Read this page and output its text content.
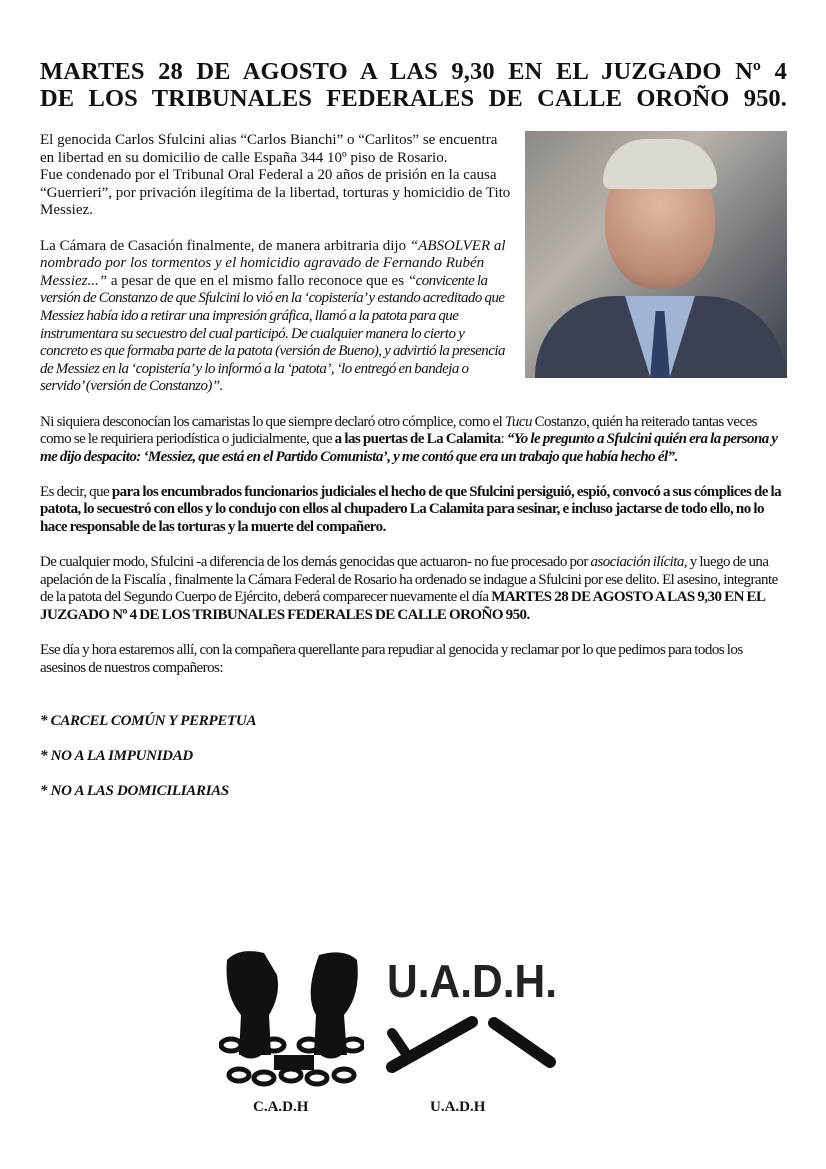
MARTES 28 DE AGOSTO A LAS 9,30 EN EL JUZGADO Nº 4
DE LOS TRIBUNALES FEDERALES DE CALLE OROÑO 950.

El genocida Carlos Sfulcini alias “Carlos Bianchi” o “Carlitos” se encuentra en libertad en su domicilio de calle España 344 10º piso de Rosario.

Fue condenado por el Tribunal Oral Federal a 20 años de prisión en la causa “Guerrieri”, por privación ilegítima de la libertad, torturas y homicidio de Tito Messiez.

La Cámara de Casación finalmente, de manera arbitraria dijo “ABSOLVER al nombrado por los tormentos y el homicidio agravado de Fernando Rubén Messiez...” a pesar de que en el mismo fallo reconoce que es “convicente la versión de Constanzo de que Sfulcini lo vió en la ‘copistería’ y estando acreditado que Messiez había ido a retirar una impresión gráfica, llamó a la patota para que instrumentara su secuestro del cual participó. De cualquier manera lo cierto y concreto es que formaba parte de la patota (versión de Bueno), y advirtió la presencia de Messiez en la ‘copistería’ y lo informó a la ‘patota’, ‘lo entregó en bandeja o servido’ (versión de Constanzo)”.

Ni siquiera desconocían los camaristas lo que siempre declaró otro cómplice, como el Tucu Costanzo, quién ha reiterado tantas veces como se le requiriera periodística o judicialmente, que a las puertas de La Calamita: “Yo le pregunto a Sfulcini quién era la persona y me dijo despacito: ‘Messiez, que está en el Partido Comunista’, y me contó que era un trabajo que había hecho él”.

Es decir, que para los encumbrados funcionarios judiciales el hecho de que Sfulcini persiguió, espió, convocó a sus cómplices de la patota, lo secuestró con ellos y lo condujo con ellos al chupadero La Calamita para sesinar, e incluso jactarse de todo ello, no lo hace responsable de las torturas y la muerte del compañero.

De cualquier modo, Sfulcini -a diferencia de los demás genocidas que actuaron- no fue procesado por asociación ilícita, y luego de una apelación de la Fiscalía , finalmente la Cámara Federal de Rosario ha ordenado se indague a Sfulcini por ese delito. El asesino, integrante de la patota del Segundo Cuerpo de Ejército, deberá comparecer nuevamente el día MARTES 28 DE AGOSTO A LAS 9,30 EN EL JUZGADO Nº 4 DE LOS TRIBUNALES FEDERALES DE CALLE OROÑO 950.

Ese día y hora estaremos allí, con la compañera querellante para repudiar al genocida y reclamar por lo que pedimos para todos los asesinos de nuestros compañeros:

* CARCEL COMÚN Y PERPETUA

* NO A LA IMPUNIDAD

* NO A LAS DOMICILIARIAS

U.A.D.H.
C.A.D.H	U.A.D.H
